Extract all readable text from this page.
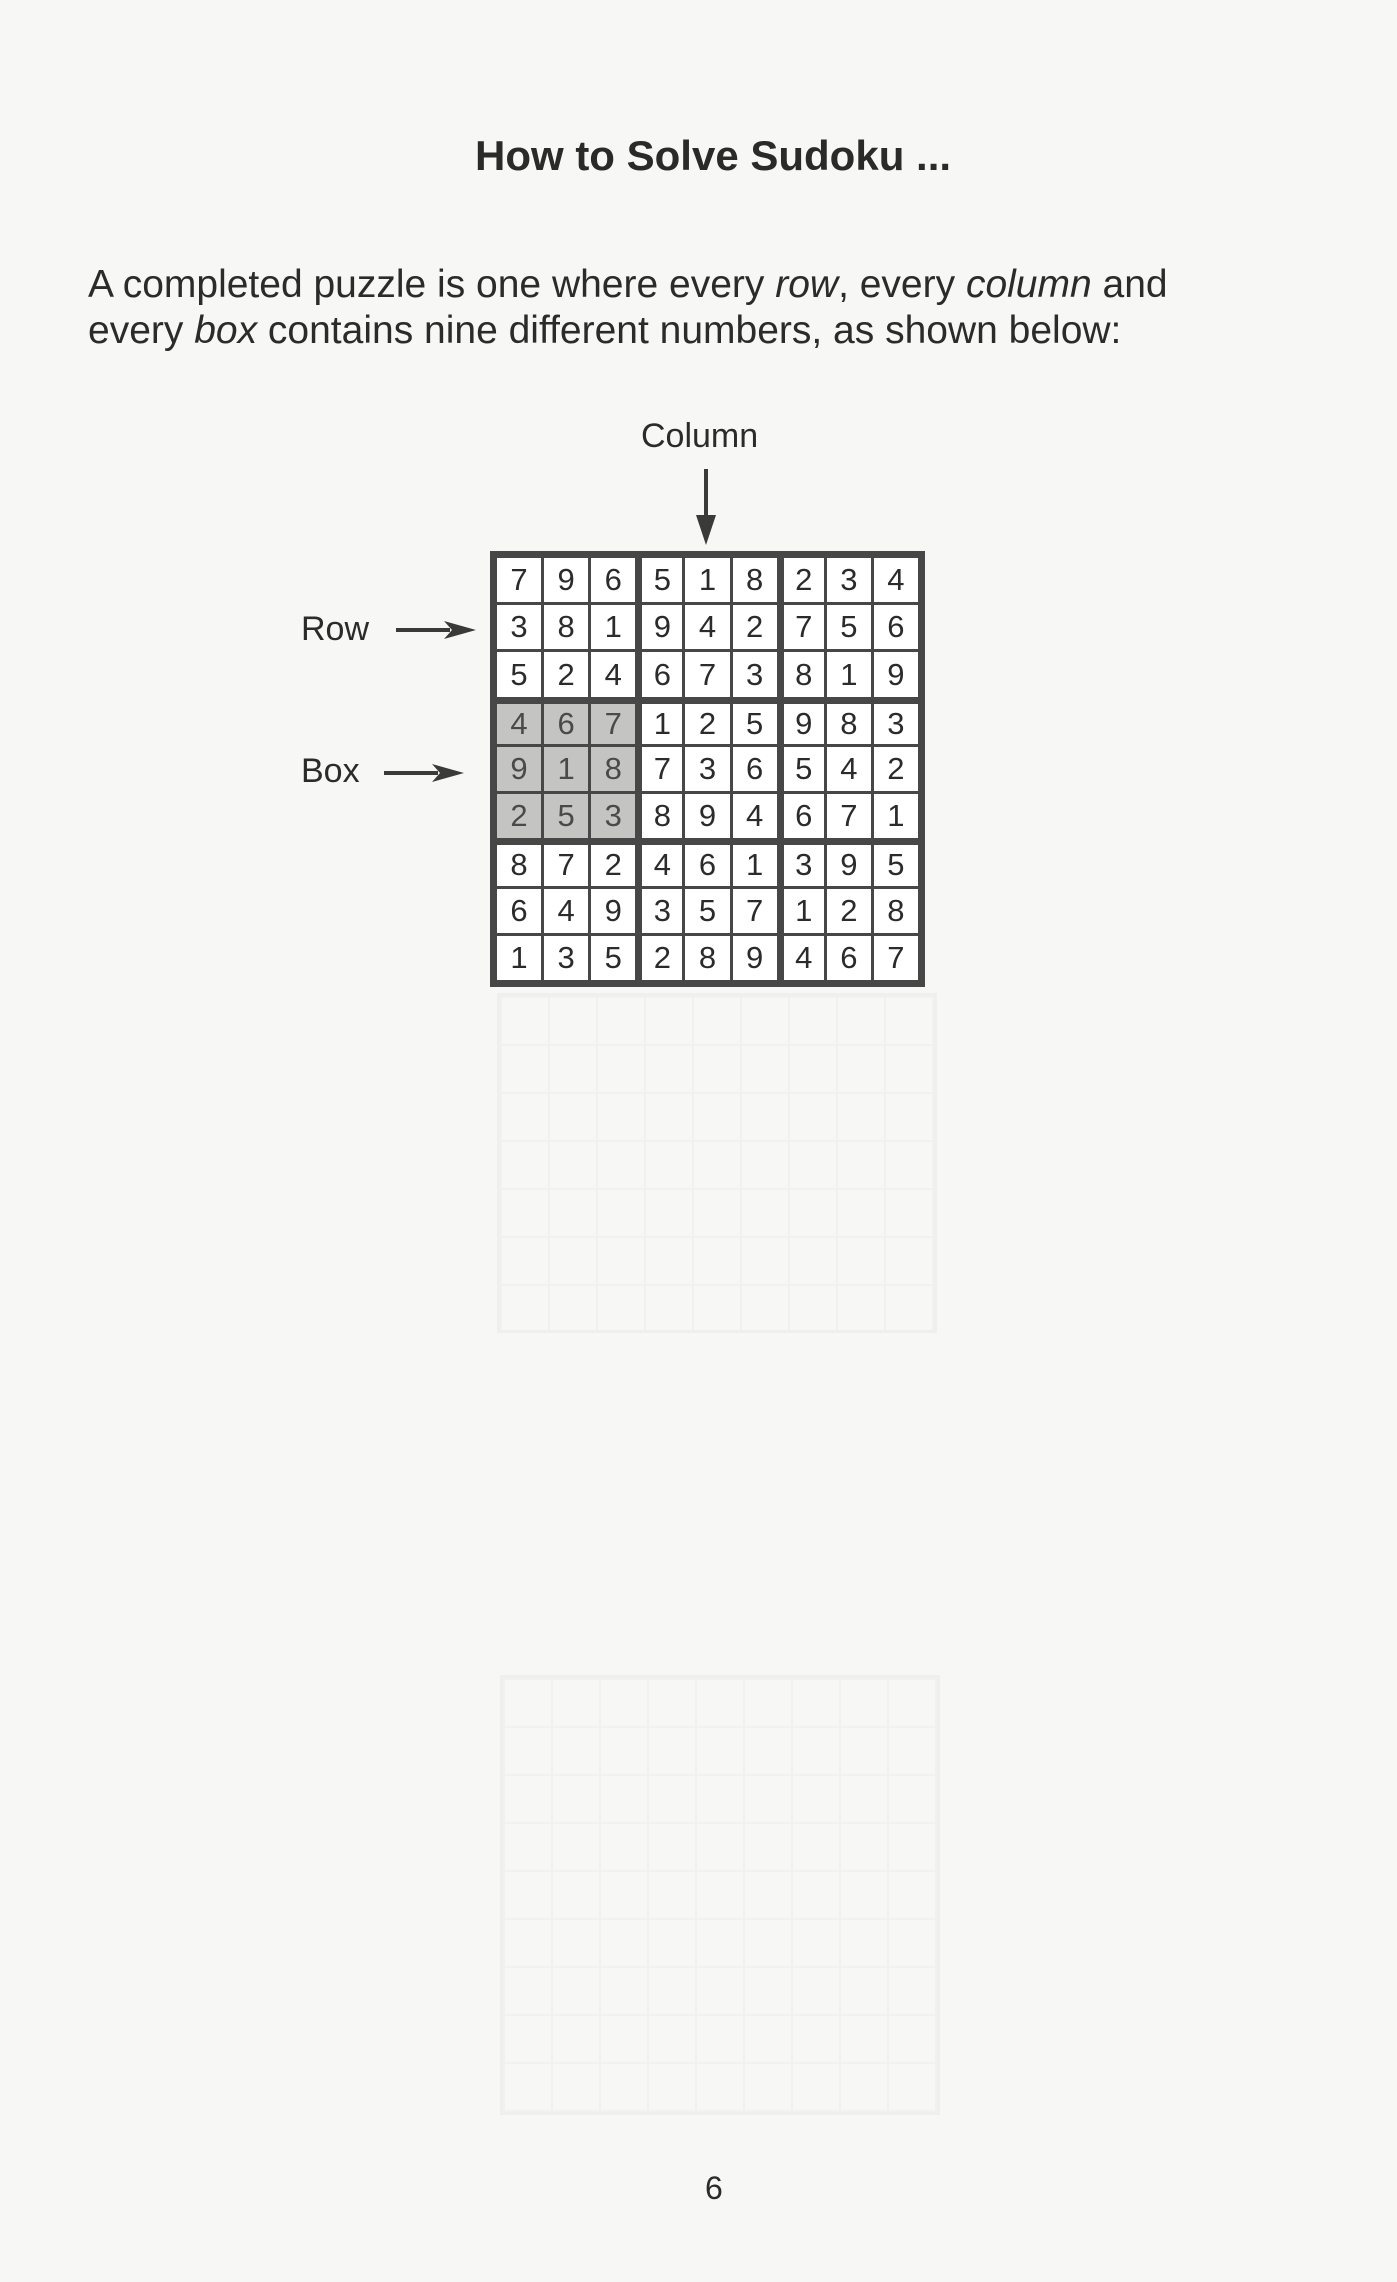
How to Solve Sudoku ...

A completed puzzle is one where every row, every column and

every box contains nine different numbers, as shown below:

Column
Row
Box
7 9 6	5 1 8	2 3 4
3 8 1	9 4 2	7 5 6
5 2 4	6 7 3	8 1 9
4 6 7	1 2 5	9 8 3
9 1 8	7 3 6	5 4 2
2 5 3	8 9 4	6 7 1
8 7 2	4 6 1	3 9 5
6 4 9	3 5 7	1 2 8
1 3 5	2 8 9	4 6 7
6
